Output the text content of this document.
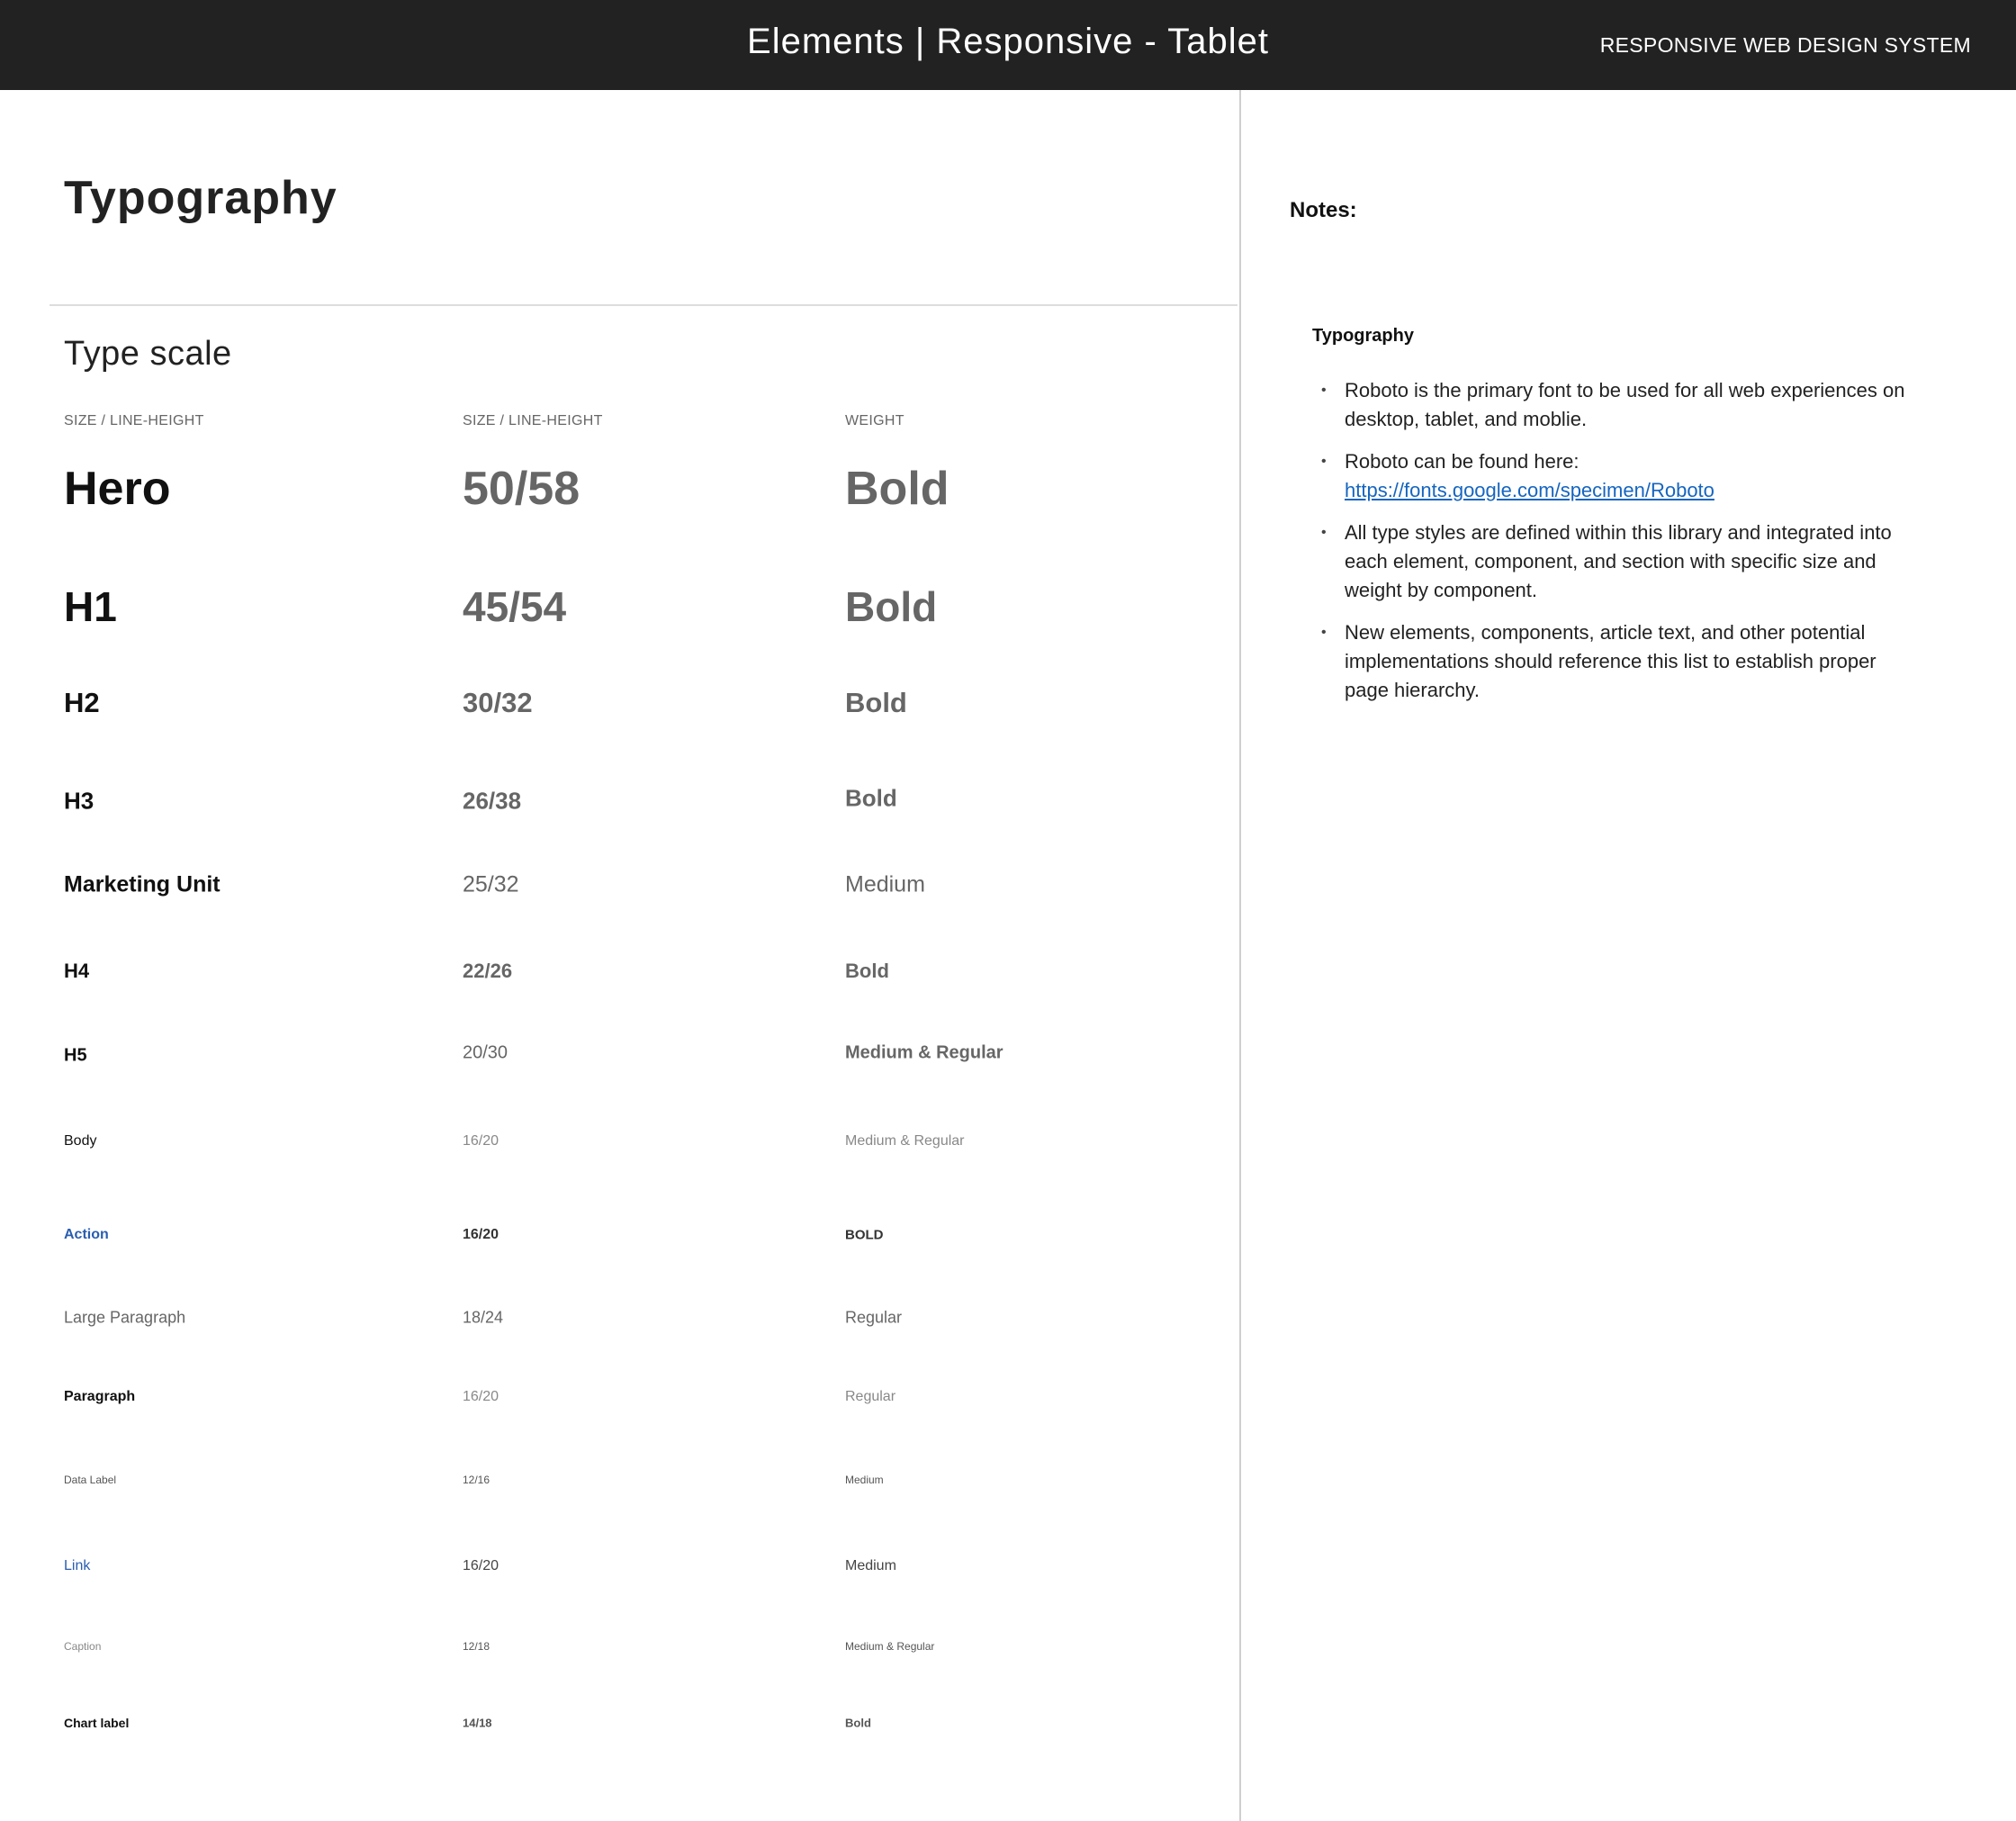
Elements | Responsive - Tablet	RESPONSIVE WEB DESIGN SYSTEM
Typography
Type scale
SIZE / LINE-HEIGHT	SIZE / LINE-HEIGHT	WEIGHT
Hero	50/58	Bold
H1	45/54	Bold
H2	30/32	Bold
H3	26/38	Bold
Marketing Unit	25/32	Medium
H4	22/26	Bold
H5	20/30	Medium & Regular
Body	16/20	Medium & Regular
Action	16/20	BOLD
Large Paragraph	18/24	Regular
Paragraph	16/20	Regular
Data Label	12/16	Medium
Link	16/20	Medium
Caption	12/18	Medium & Regular
Chart label	14/18	Bold
Notes:
Typography
• Roboto is the primary font to be used for all web experiences on desktop, tablet, and moblie.
• Roboto can be found here:
https://fonts.google.com/specimen/Roboto
• All type styles are defined within this library and integrated into each element, component, and section with specific size and weight by component.
• New elements, components, article text, and other potential implementations should reference this list to establish proper page hierarchy.
